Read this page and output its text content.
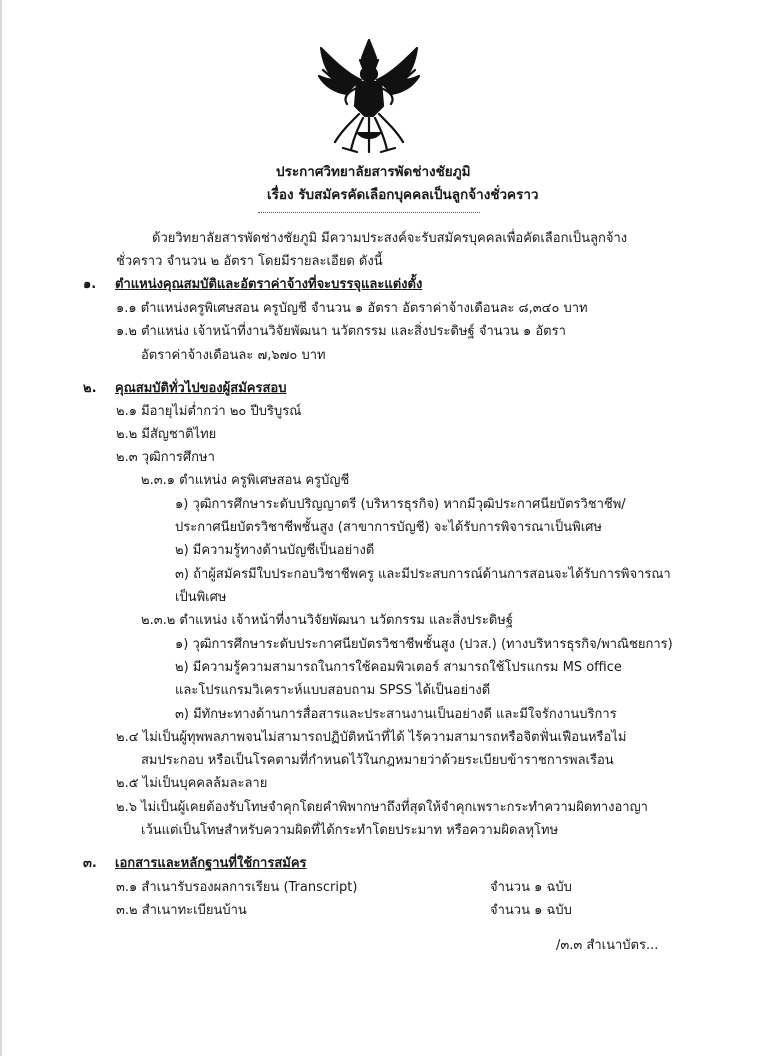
ประกาศวิทยาลัยสารพัดช่างชัยภูมิ
เรื่อง รับสมัครคัดเลือกบุคคลเป็นลูกจ้างชั่วคราว
ด้วยวิทยาลัยสารพัดช่างชัยภูมิ มีความประสงค์จะรับสมัครบุคคลเพื่อคัดเลือกเป็นลูกจ้าง
ชั่วคราว จำนวน ๒ อัตรา โดยมีรายละเอียด ดังนี้
๑. ตำแหน่งคุณสมบัติและอัตราค่าจ้างที่จะบรรจุและแต่งตั้ง
๑.๑ ตำแหน่งครูพิเศษสอน ครูบัญชี จำนวน ๑ อัตรา อัตราค่าจ้างเดือนละ ๘,๓๔๐ บาท
๑.๒ ตำแหน่ง เจ้าหน้าที่งานวิจัยพัฒนา นวัตกรรม และสิ่งประดิษฐ์ จำนวน ๑ อัตรา
อัตราค่าจ้างเดือนละ ๗,๖๗๐ บาท
๒. คุณสมบัติทั่วไปของผู้สมัครสอบ
๒.๑ มีอายุไม่ต่ำกว่า ๒๐ ปีบริบูรณ์
๒.๒ มีสัญชาติไทย
๒.๓ วุฒิการศึกษา
๒.๓.๑ ตำแหน่ง ครูพิเศษสอน ครูบัญชี
๑) วุฒิการศึกษาระดับปริญญาตรี (บริหารธุรกิจ) หากมีวุฒิประกาศนียบัตรวิชาชีพ/
ประกาศนียบัตรวิชาชีพชั้นสูง (สาขาการบัญชี) จะได้รับการพิจารณาเป็นพิเศษ
๒) มีความรู้ทางด้านบัญชีเป็นอย่างดี
๓) ถ้าผู้สมัครมีใบประกอบวิชาชีพครู และมีประสบการณ์ด้านการสอนจะได้รับการพิจารณา
เป็นพิเศษ
๒.๓.๒ ตำแหน่ง เจ้าหน้าที่งานวิจัยพัฒนา นวัตกรรม และสิ่งประดิษฐ์
๑) วุฒิการศึกษาระดับประกาศนียบัตรวิชาชีพชั้นสูง (ปวส.) (ทางบริหารธุรกิจ/พาณิชยการ)
๒) มีความรู้ความสามารถในการใช้คอมพิวเตอร์ สามารถใช้โปรแกรม MS office
และโปรแกรมวิเคราะห์แบบสอบถาม SPSS ได้เป็นอย่างดี
๓) มีทักษะทางด้านการสื่อสารและประสานงานเป็นอย่างดี และมีใจรักงานบริการ
๒.๔ ไม่เป็นผู้ทุพพลภาพจนไม่สามารถปฏิบัติหน้าที่ได้ ไร้ความสามารถหรือจิตฟั่นเฟือนหรือไม่
สมประกอบ หรือเป็นโรคตามที่กำหนดไว้ในกฎหมายว่าด้วยระเบียบข้าราชการพลเรือน
๒.๕ ไม่เป็นบุคคลล้มละลาย
๒.๖ ไม่เป็นผู้เคยต้องรับโทษจำคุกโดยคำพิพากษาถึงที่สุดให้จำคุกเพราะกระทำความผิดทางอาญา
เว้นแต่เป็นโทษสำหรับความผิดที่ได้กระทำโดยประมาท หรือความผิดลหุโทษ
๓. เอกสารและหลักฐานที่ใช้การสมัคร
๓.๑ สำเนารับรองผลการเรียน (Transcript)	จำนวน ๑ ฉบับ
๓.๒ สำเนาทะเบียนบ้าน	จำนวน ๑ ฉบับ
/๓.๓ สำเนาบัตร...
